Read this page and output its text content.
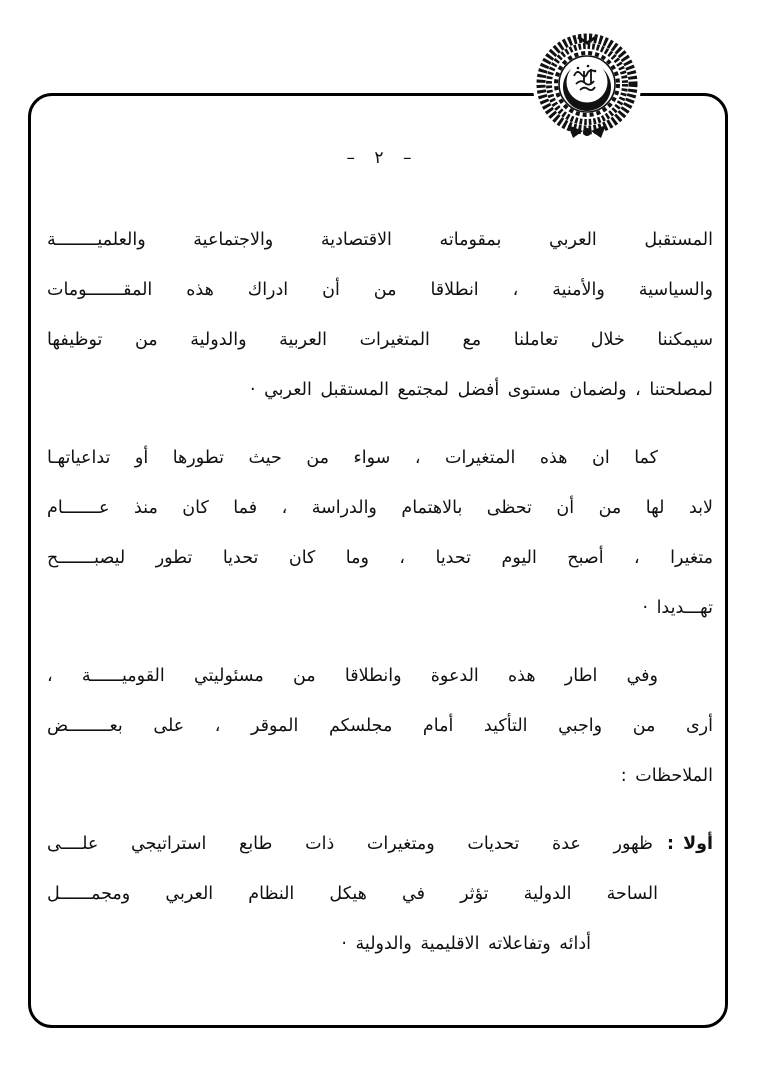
– ٢ –
المستقبل العربي بمقوماته الاقتصادية والاجتماعية والعلميــــــــة
والسياسية والأمنية ، انطلاقا من أن ادراك هذه المقـــــــومات
سيمكننا خلال تعاملنا مع المتغيرات العربية والدولية من توظيفها
لمصلحتنا ، ولضمان مستوى أفضل لمجتمع المستقبل العربي ·
كما ان هذه المتغيرات ، سواء من حيث تطورها أو تداعياتهـا
لابد لها من أن تحظى بالاهتمام والدراسة ، فما كان منذ عـــــــام
متغيرا ، أصبح اليوم تحديا ، وما كان تحديا تطور ليصبـــــــح
تهـــديدا ·
وفي اطار هذه الدعوة وانطلاقا من مسئوليتي القوميــــــة ،
أرى من واجبي التأكيد أمام مجلسكم الموقر ، على بعــــــــض
الملاحظات :
أولا :
ظهور عدة تحديات ومتغيرات ذات طابع استراتيجي علــــى
الساحة الدولية تؤثر في هيكل النظام العربي ومجمــــــل
أدائه وتفاعلاته الاقليمية والدولية ·
